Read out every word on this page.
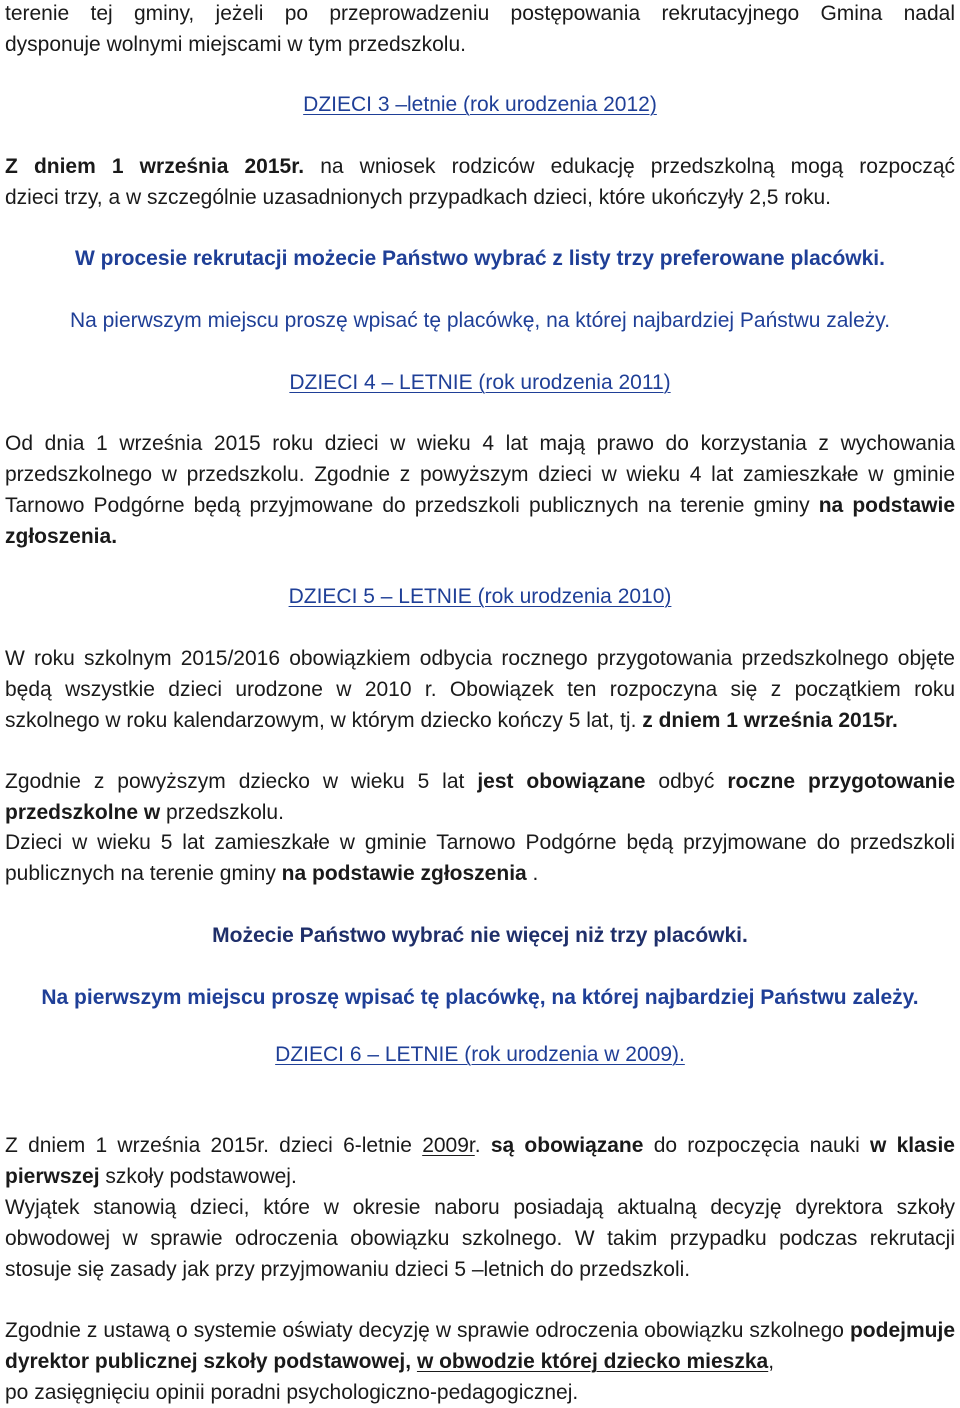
terenie tej gminy, jeżeli po przeprowadzeniu postępowania rekrutacyjnego Gmina nadal

dysponuje wolnymi miejscami w tym przedszkolu.

DZIECI 3 –letnie (rok urodzenia 2012)

Z dniem 1 września 2015r. na wniosek rodziców edukację przedszkolną mogą rozpocząć

dzieci trzy, a w szczególnie uzasadnionych przypadkach dzieci, które ukończyły 2,5 roku.

W procesie rekrutacji możecie Państwo wybrać z listy trzy preferowane placówki.

Na pierwszym miejscu proszę wpisać tę placówkę, na której najbardziej Państwu zależy.

DZIECI 4 – LETNIE (rok urodzenia 2011)

Od dnia 1 września 2015 roku dzieci w wieku 4 lat mają prawo do korzystania z wychowania przedszkolnego w przedszkolu. Zgodnie z powyższym dzieci w wieku 4 lat zamieszkałe w gminie Tarnowo Podgórne będą przyjmowane do przedszkoli publicznych na terenie gminy na podstawie zgłoszenia.

DZIECI 5 – LETNIE (rok urodzenia 2010)

W roku szkolnym 2015/2016 obowiązkiem odbycia rocznego przygotowania przedszkolnego objęte będą wszystkie dzieci urodzone w 2010 r. Obowiązek ten rozpoczyna się z początkiem roku szkolnego w roku kalendarzowym, w którym dziecko kończy 5 lat, tj. z dniem 1 września 2015r.

Zgodnie z powyższym dziecko w wieku 5 lat jest obowiązane odbyć roczne przygotowanie przedszkolne w przedszkolu.

Dzieci w wieku 5 lat zamieszkałe w gminie Tarnowo Podgórne będą przyjmowane do przedszkoli publicznych na terenie gminy na podstawie zgłoszenia .

Możecie Państwo wybrać nie więcej niż trzy placówki.

Na pierwszym miejscu proszę wpisać tę placówkę, na której najbardziej Państwu zależy.

DZIECI 6 – LETNIE (rok urodzenia w 2009).

Z dniem 1 września 2015r. dzieci 6-letnie 2009r. są obowiązane do rozpoczęcia nauki w klasie pierwszej szkoły podstawowej.

Wyjątek stanowią dzieci, które w okresie naboru posiadają aktualną decyzję dyrektora szkoły obwodowej w sprawie odroczenia obowiązku szkolnego. W takim przypadku podczas rekrutacji stosuje się zasady jak przy przyjmowaniu dzieci 5 –letnich do przedszkoli.

Zgodnie z ustawą o systemie oświaty decyzję w sprawie odroczenia obowiązku szkolnego podejmuje dyrektor publicznej szkoły podstawowej, w obwodzie której dziecko mieszka,

po zasięgnięciu opinii poradni psychologiczno-pedagogicznej.
